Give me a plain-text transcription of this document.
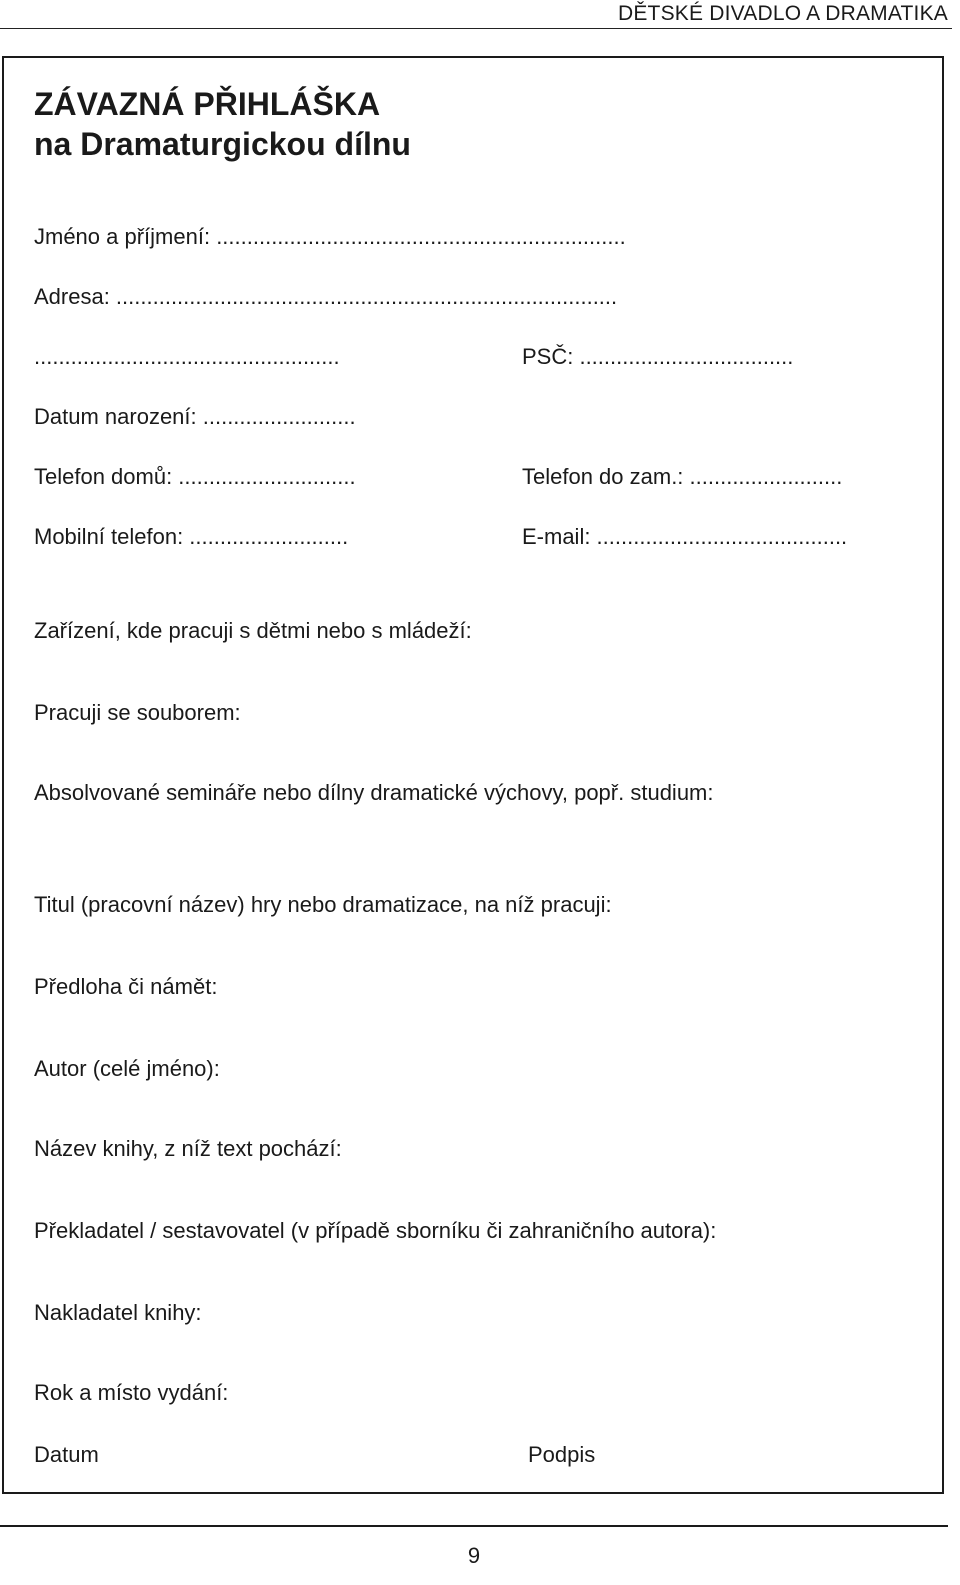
DĚTSKÉ DIVADLO A DRAMATIKA
ZÁVAZNÁ PŘIHLÁŠKA
na Dramaturgickou dílnu
Jméno a příjmení: ...................................................................
Adresa: ..................................................................................
..................................................	PSČ: ...................................
Datum narození: .........................
Telefon domů: .............................	Telefon do zam.: .........................
Mobilní telefon: ..........................	E-mail: .........................................
Zařízení, kde pracuji s dětmi nebo s mládeží:
Pracuji se souborem:
Absolvované semináře nebo dílny dramatické výchovy, popř. studium:
Titul (pracovní název) hry nebo dramatizace, na níž pracuji:
Předloha či námět:
Autor (celé jméno):
Název knihy, z níž text pochází:
Překladatel / sestavovatel (v případě sborníku či zahraničního autora):
Nakladatel knihy:
Rok a místo vydání:
Datum	Podpis
9
